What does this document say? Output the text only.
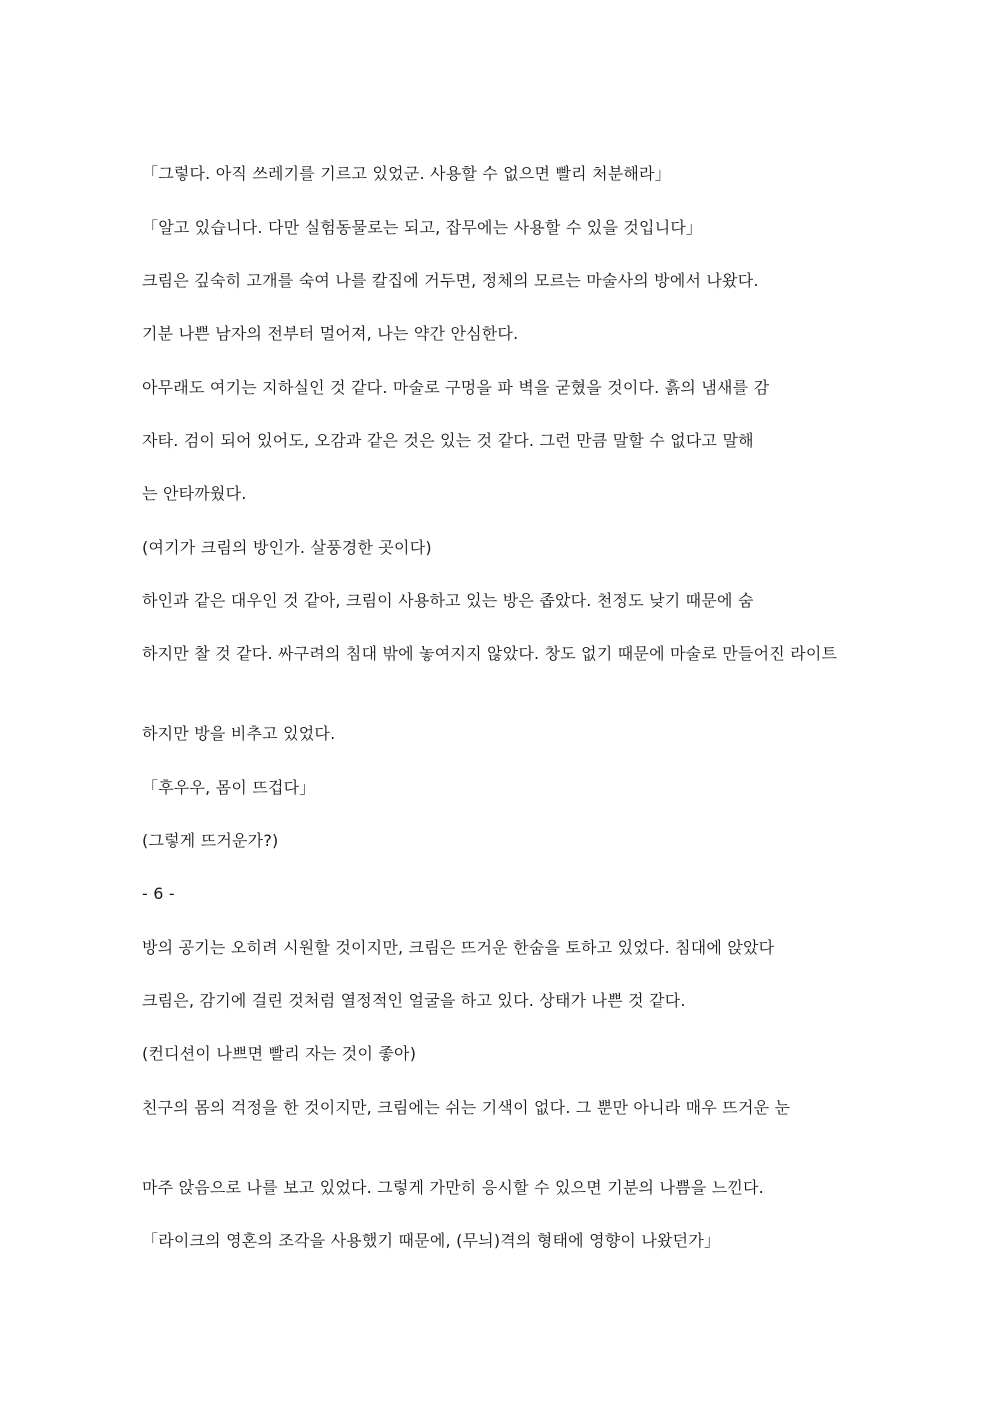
「그렇다. 아직 쓰레기를 기르고 있었군. 사용할 수 없으면 빨리 처분해라」
「알고 있습니다. 다만 실험동물로는 되고, 잡무에는 사용할 수 있을 것입니다」
크림은 깊숙히 고개를 숙여 나를 칼집에 거두면, 정체의 모르는 마술사의 방에서 나왔다.
기분 나쁜 남자의 전부터 멀어져, 나는 약간 안심한다.
아무래도 여기는 지하실인 것 같다. 마술로 구멍을 파 벽을 굳혔을 것이다. 흙의 냄새를 감
자타. 검이 되어 있어도, 오감과 같은 것은 있는 것 같다. 그런 만큼 말할 수 없다고 말해
는 안타까웠다.
(여기가 크림의 방인가. 살풍경한 곳이다)
하인과 같은 대우인 것 같아, 크림이 사용하고 있는 방은 좁았다. 천정도 낮기 때문에 숨
하지만 찰 것 같다. 싸구려의 침대 밖에 놓여지지 않았다. 창도 없기 때문에 마술로 만들어진 라이트
하지만 방을 비추고 있었다.
「후우우, 몸이 뜨겁다」
(그렇게 뜨거운가?)
- 6 -
방의 공기는 오히려 시원할 것이지만, 크림은 뜨거운 한숨을 토하고 있었다. 침대에 앉았다
크림은, 감기에 걸린 것처럼 열정적인 얼굴을 하고 있다. 상태가 나쁜 것 같다.
(컨디션이 나쁘면 빨리 자는 것이 좋아)
친구의 몸의 걱정을 한 것이지만, 크림에는 쉬는 기색이 없다. 그 뿐만 아니라 매우 뜨거운 눈
마주 앉음으로 나를 보고 있었다. 그렇게 가만히 응시할 수 있으면 기분의 나쁨을 느낀다.
「라이크의 영혼의 조각을 사용했기 때문에, (무늬)격의 형태에 영향이 나왔던가」
